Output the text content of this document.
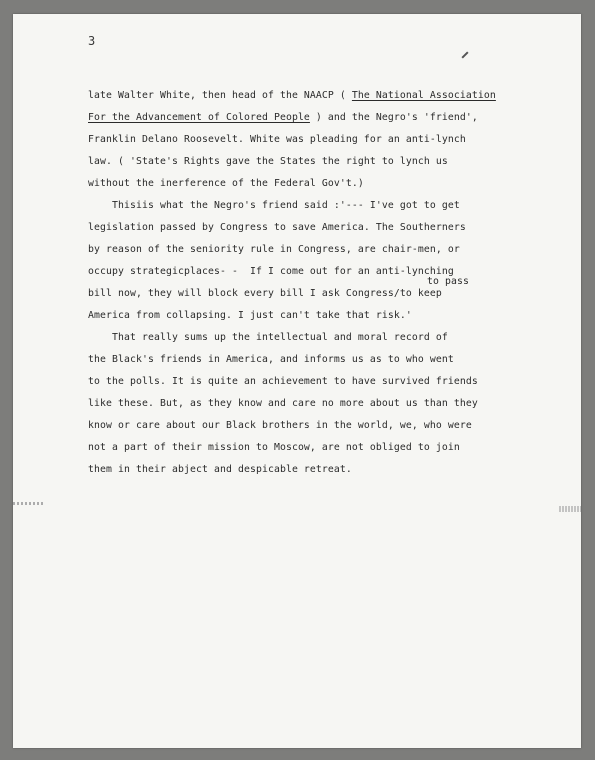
3
late Walter White, then head of the NAACP ( The National Association
For the Advancement of Colored People ) and the Negro's 'friend',
Franklin Delano Roosevelt. White was pleading for an anti-lynch
law. ( 'State's Rights gave the States the right to lynch us
without the inerference of the Federal Gov't.)
Thisiis what the Negro's friend said :'--- I've got to get
legislation passed by Congress to save America. The Southerners
by reason of the seniority rule in Congress, are chair-men, or
occupy strategicplaces- -  If I come out for an anti-lynching
to pass
bill now, they will block every bill I ask Congress/to keep
America from collapsing. I just can't take that risk.'
That really sums up the intellectual and moral record of
the Black's friends in America, and informs us as to who went
to the polls. It is quite an achievement to have survived friends
like these. But, as they know and care no more about us than they
know or care about our Black brothers in the world, we, who were
not a part of their mission to Moscow, are not obliged to join
them in their abject and despicable retreat.
